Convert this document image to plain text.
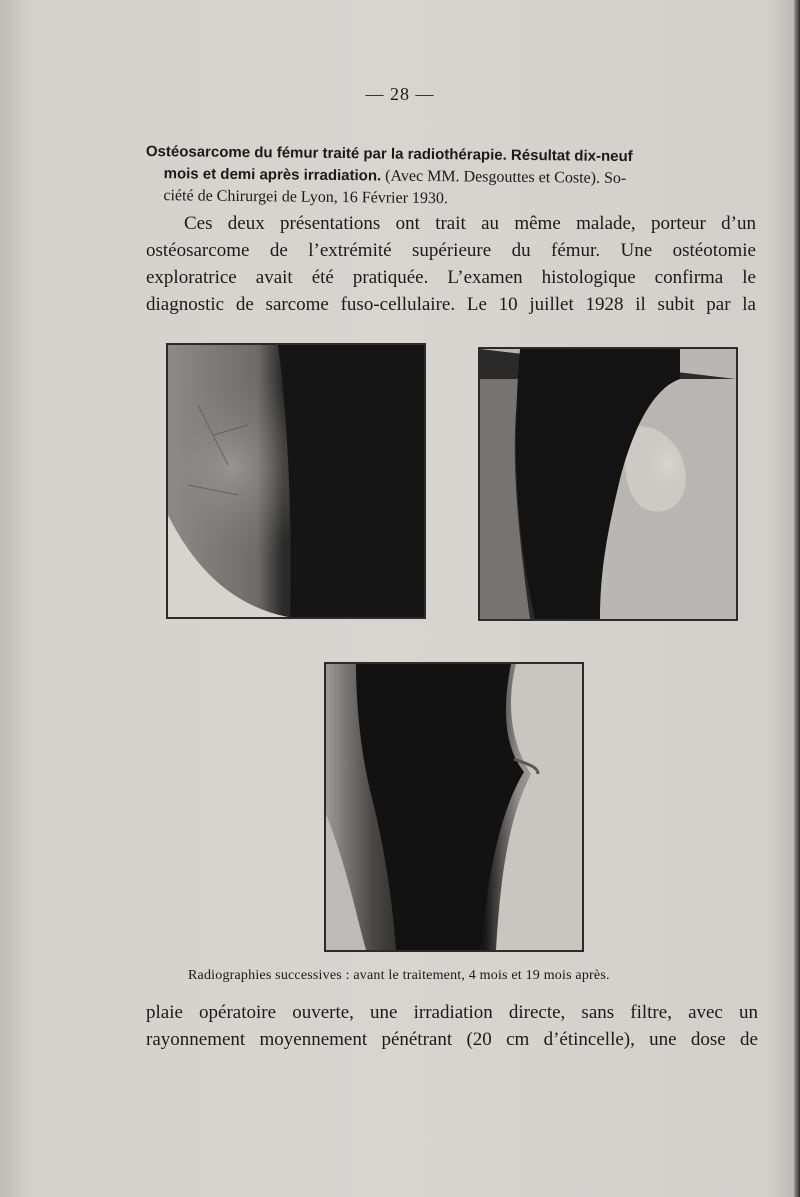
— 28 —
Ostéosarcome du fémur traité par la radiothérapie. Résultat dix-neuf
mois et demi après irradiation. (Avec MM. Desgouttes et Coste). So-
ciété de Chirurgei de Lyon, 16 Février 1930.
Ces deux présentations ont trait au même malade, porteur d’un
ostéosarcome de l’extrémité supérieure du fémur. Une ostéotomie
exploratrice avait été pratiquée. L’examen histologique confirma le
diagnostic de sarcome fuso-cellulaire. Le 10 juillet 1928 il subit par la
Radiographies successives : avant le traitement, 4 mois et 19 mois après.
plaie opératoire ouverte, une irradiation directe, sans filtre, avec un
rayonnement moyennement pénétrant (20 cm d’étincelle), une dose de
